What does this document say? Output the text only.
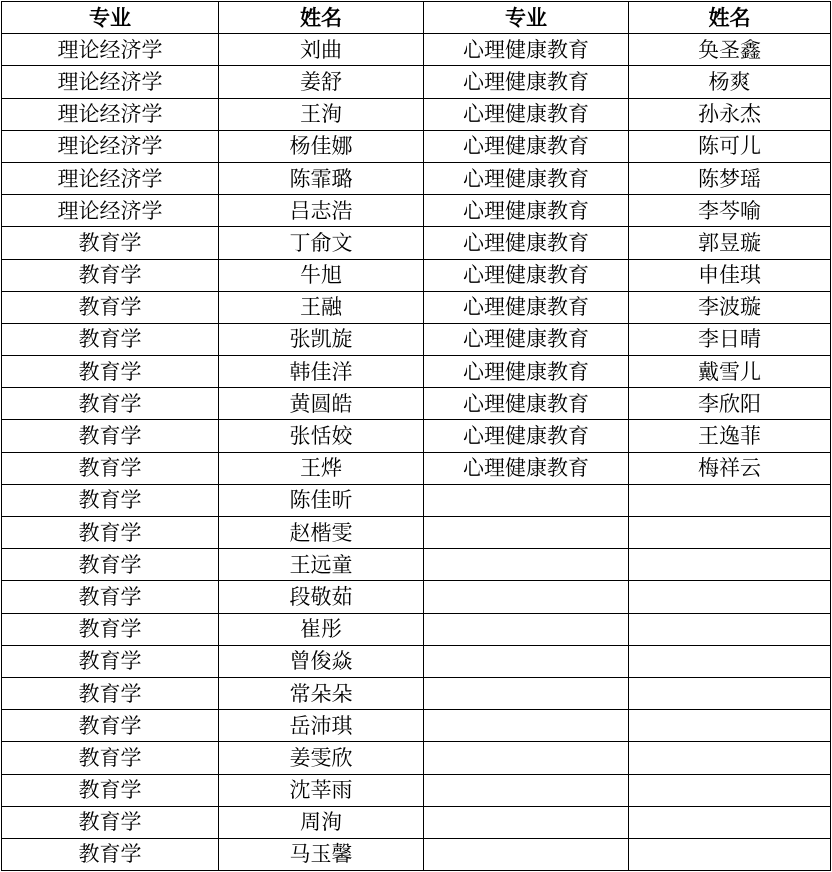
专业	姓名	专业	姓名
理论经济学	刘曲	心理健康教育	奂圣鑫
理论经济学	姜舒	心理健康教育	杨爽
理论经济学	王洵	心理健康教育	孙永杰
理论经济学	杨佳娜	心理健康教育	陈可儿
理论经济学	陈霏璐	心理健康教育	陈梦瑶
理论经济学	吕志浩	心理健康教育	李芩喻
教育学	丁俞文	心理健康教育	郭昱璇
教育学	牛旭	心理健康教育	申佳琪
教育学	王融	心理健康教育	李波璇
教育学	张凯旋	心理健康教育	李日晴
教育学	韩佳洋	心理健康教育	戴雪儿
教育学	黄圆皓	心理健康教育	李欣阳
教育学	张恬姣	心理健康教育	王逸菲
教育学	王烨	心理健康教育	梅祥云
教育学	陈佳昕		
教育学	赵楷雯		
教育学	王远童		
教育学	段敬茹		
教育学	崔彤		
教育学	曾俊焱		
教育学	常朵朵		
教育学	岳沛琪		
教育学	姜雯欣		
教育学	沈莘雨		
教育学	周洵		
教育学	马玉馨		
